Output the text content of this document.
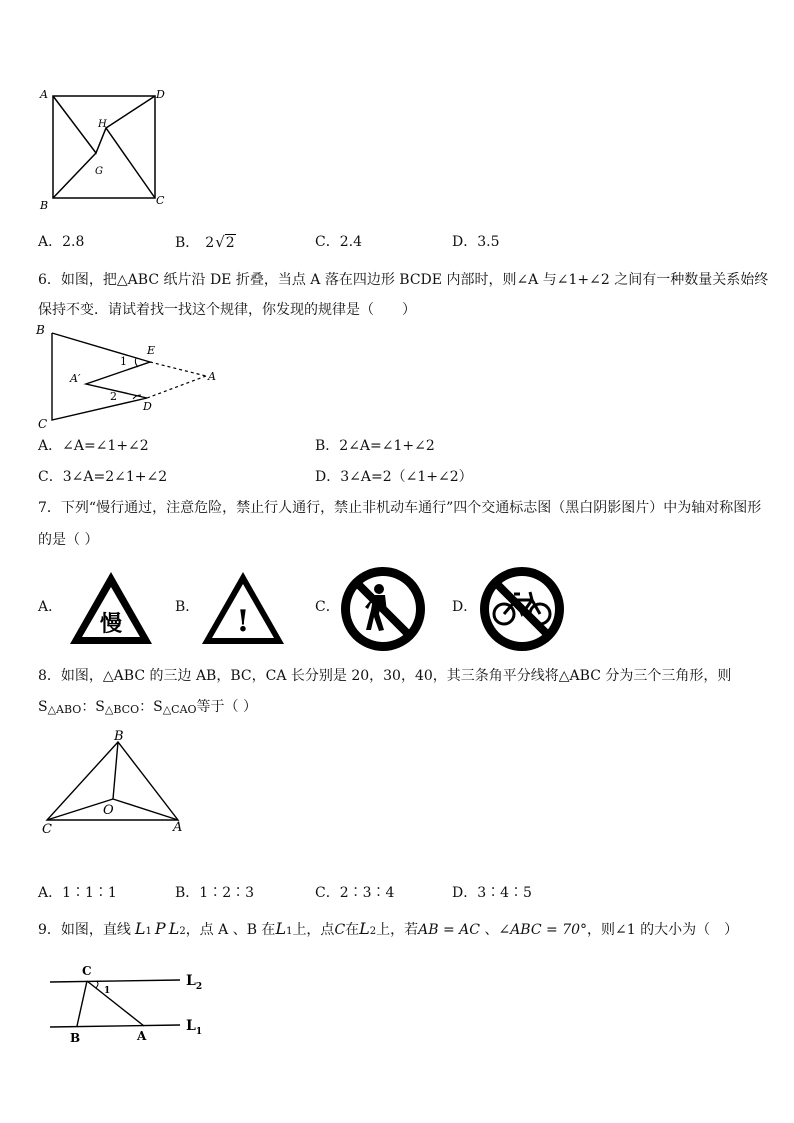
A	D
B	C
H
G
A．2.8	B． 2√2	C．2.4	D．3.5
6．如图，把△ABC 纸片沿 DE 折叠，当点 A 落在四边形 BCDE 内部时，则∠A 与∠1+∠2 之间有一种数量关系始终
保持不变．请试着找一找这个规律，你发现的规律是（　　）
B
C
E
D
A
A′
1
2
A．∠A=∠1+∠2	B．2∠A=∠1+∠2
C．3∠A=2∠1+∠2	D．3∠A=2（∠1+∠2）
7．下列“慢行通过，注意危险，禁止行人通行，禁止非机动车通行”四个交通标志图（黑白阴影图片）中为轴对称图形
的是（ ）
A．
慢
B． !	C．	D．
8．如图，△ABC 的三边 AB，BC，CA 长分别是 20，30，40，其三条角平分线将△ABC 分为三个三角形，则
S△ABO：S△BCO：S△CAO等于（ ）
B
O
C	A
A．1∶1∶1	B．1∶2∶3	C．2∶3∶4	D．3∶4∶5
9．如图，直线 L1 P L2，点 A 、B 在L1上，点C在L2上，若AB = AC 、∠ABC = 70°，则∠1 的大小为（　）
C
1
$L_2$
B	A
$L_1$
